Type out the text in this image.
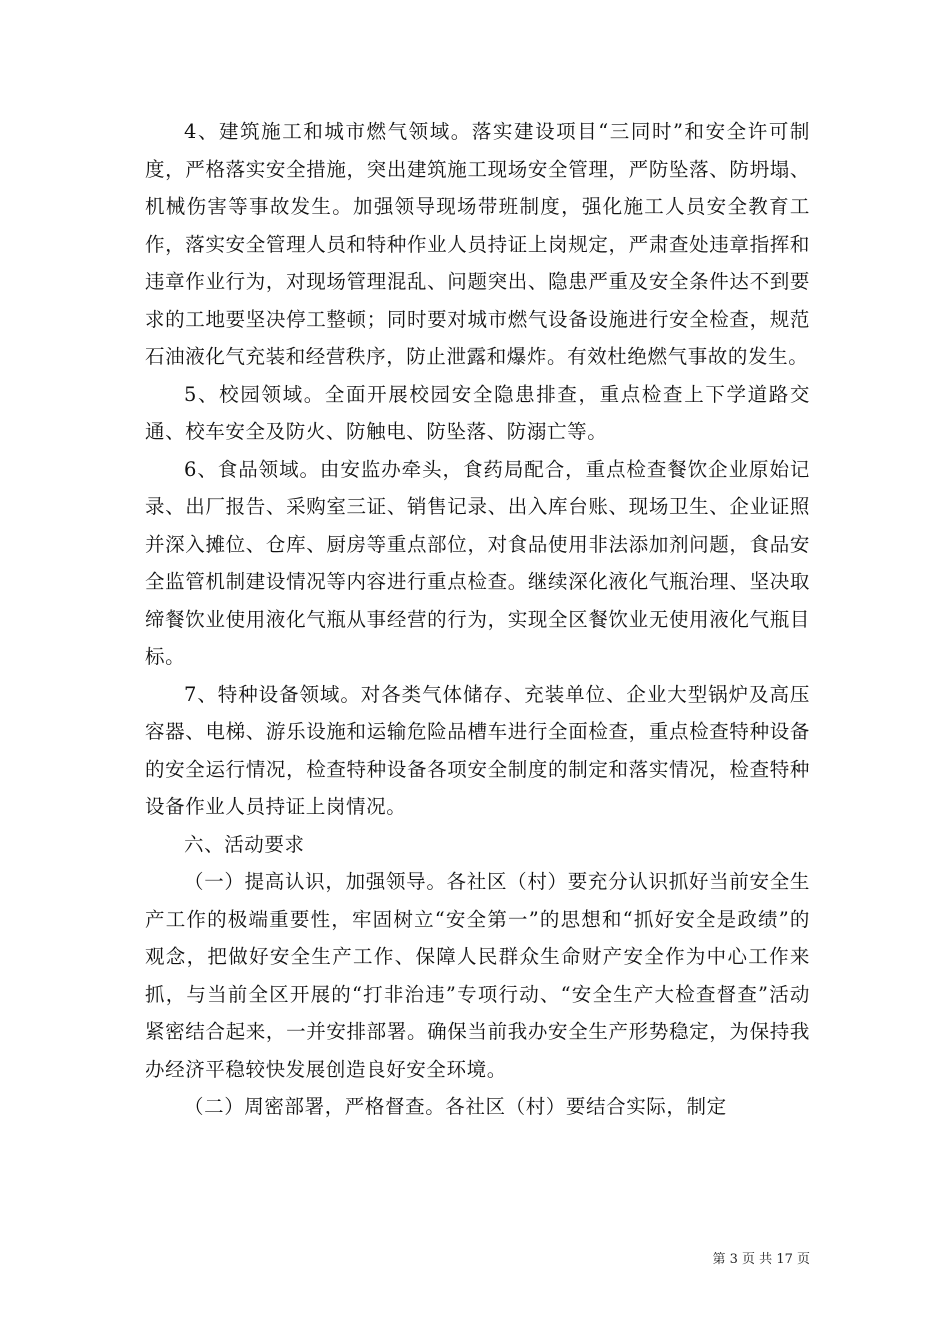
4、建筑施工和城市燃气领域。落实建设项目“三同时”和安全许可制度，严格落实安全措施，突出建筑施工现场安全管理，严防坠落、防坍塌、机械伤害等事故发生。加强领导现场带班制度，强化施工人员安全教育工作，落实安全管理人员和特种作业人员持证上岗规定，严肃查处违章指挥和违章作业行为，对现场管理混乱、问题突出、隐患严重及安全条件达不到要求的工地要坚决停工整顿；同时要对城市燃气设备设施进行安全检查，规范石油液化气充装和经营秩序，防止泄露和爆炸。有效杜绝燃气事故的发生。

5、校园领域。全面开展校园安全隐患排查，重点检查上下学道路交通、校车安全及防火、防触电、防坠落、防溺亡等。

6、食品领域。由安监办牵头，食药局配合，重点检查餐饮企业原始记录、出厂报告、采购室三证、销售记录、出入库台账、现场卫生、企业证照并深入摊位、仓库、厨房等重点部位，对食品使用非法添加剂问题，食品安全监管机制建设情况等内容进行重点检查。继续深化液化气瓶治理、坚决取缔餐饮业使用液化气瓶从事经营的行为，实现全区餐饮业无使用液化气瓶目标。

7、特种设备领域。对各类气体储存、充装单位、企业大型锅炉及高压容器、电梯、游乐设施和运输危险品槽车进行全面检查，重点检查特种设备的安全运行情况，检查特种设备各项安全制度的制定和落实情况，检查特种设备作业人员持证上岗情况。

六、活动要求

（一）提高认识，加强领导。各社区（村）要充分认识抓好当前安全生产工作的极端重要性，牢固树立“安全第一”的思想和“抓好安全是政绩”的观念，把做好安全生产工作、保障人民群众生命财产安全作为中心工作来抓，与当前全区开展的“打非治违”专项行动、“安全生产大检查督查”活动紧密结合起来，一并安排部署。确保当前我办安全生产形势稳定，为保持我办经济平稳较快发展创造良好安全环境。

（二）周密部署，严格督查。各社区（村）要结合实际，制定

第 3 页 共 17 页
